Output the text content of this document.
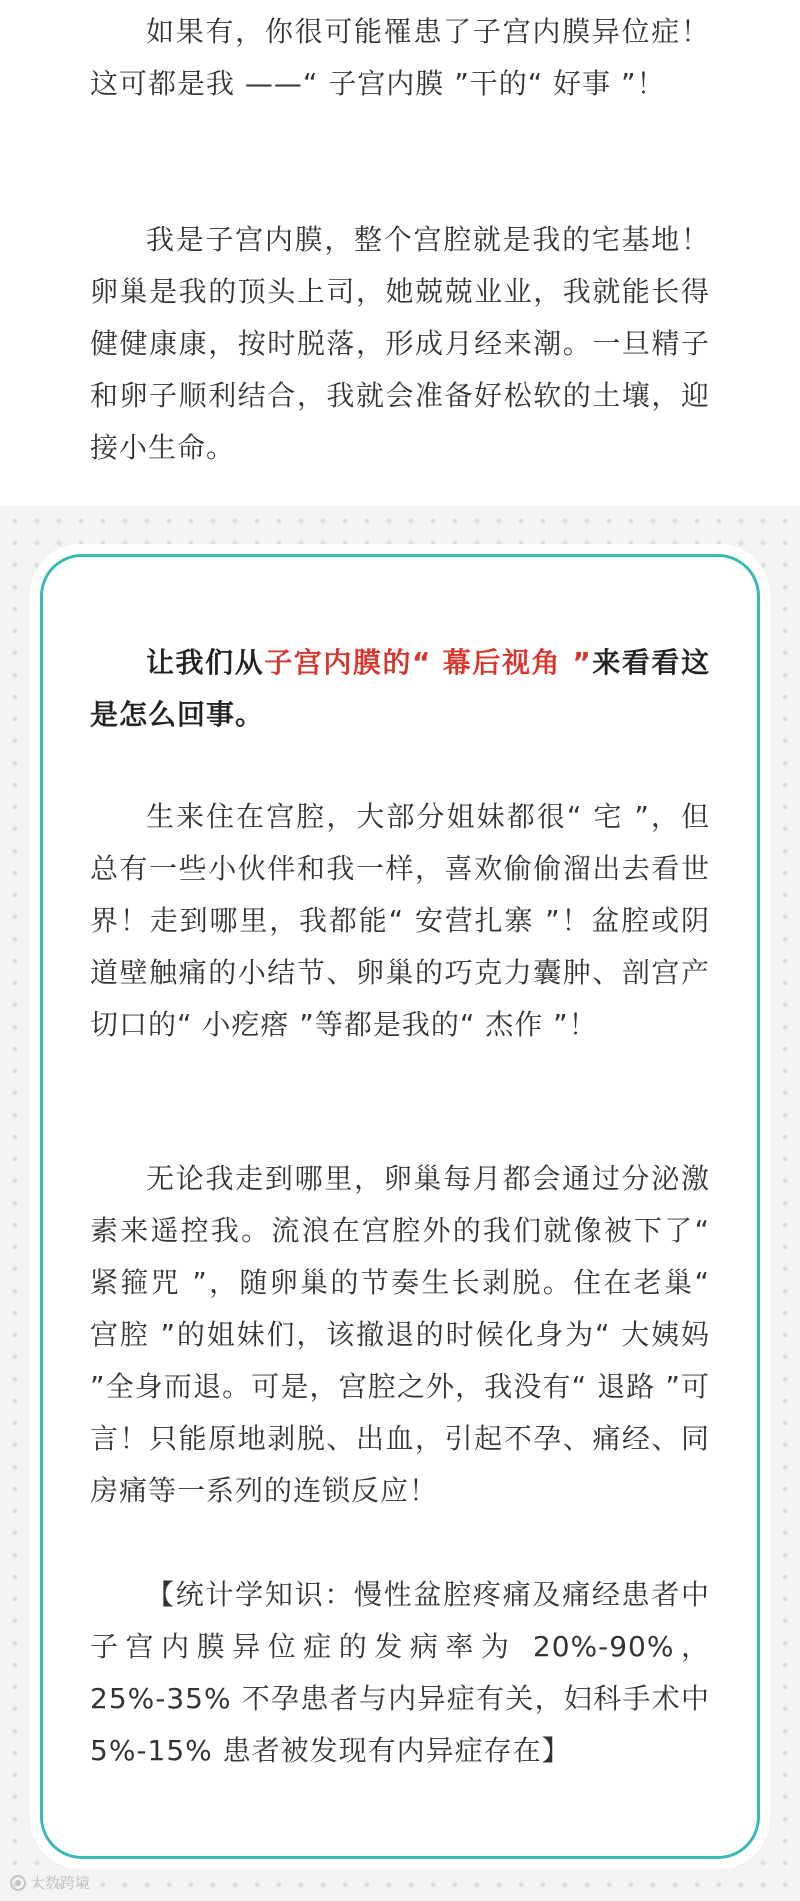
如果有，你很可能罹患了子宫内膜异位症！这可都是我 ——“ 子宫内膜 ”干的“ 好事 ”！

我是子宫内膜，整个宫腔就是我的宅基地！卵巢是我的顶头上司，她兢兢业业，我就能长得健健康康，按时脱落，形成月经来潮。一旦精子和卵子顺利结合，我就会准备好松软的土壤，迎接小生命。

让我们从子宫内膜的“ 幕后视角 ”来看看这是怎么回事。

生来住在宫腔，大部分姐妹都很“ 宅 ”，但总有一些小伙伴和我一样，喜欢偷偷溜出去看世界！走到哪里，我都能“ 安营扎寨 ”！盆腔或阴道壁触痛的小结节、卵巢的巧克力囊肿、剖宫产切口的“ 小疙瘩 ”等都是我的“ 杰作 ”！

无论我走到哪里，卵巢每月都会通过分泌激素来遥控我。流浪在宫腔外的我们就像被下了“ 紧箍咒 ”，随卵巢的节奏生长剥脱。住在老巢“ 宫腔 ”的姐妹们，该撤退的时候化身为“ 大姨妈 ”全身而退。可是，宫腔之外，我没有“ 退路 ”可言！只能原地剥脱、出血，引起不孕、痛经、同房痛等一系列的连锁反应！

【统计学知识：慢性盆腔疼痛及痛经患者中子宫内膜异位症的发病率为 20%-90%，25%-35% 不孕患者与内异症有关，妇科手术中 5%-15% 患者被发现有内异症存在】

大数跨境
